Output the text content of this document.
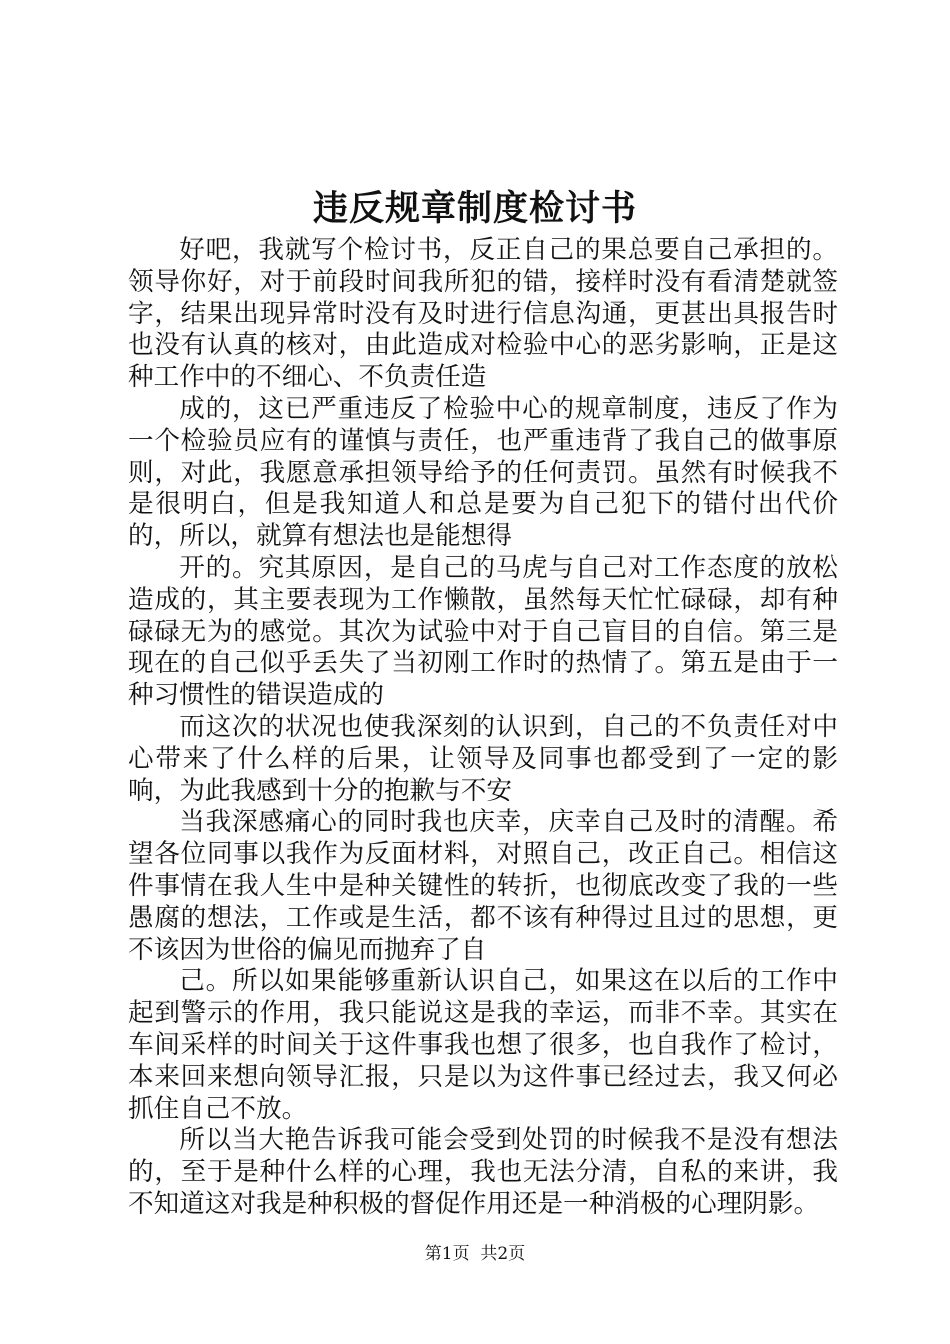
违反规章制度检讨书

好吧，我就写个检讨书，反正自己的果总要自己承担的。领导你好，对于前段时间我所犯的错，接样时没有看清楚就签字，结果出现异常时没有及时进行信息沟通，更甚出具报告时也没有认真的核对，由此造成对检验中心的恶劣影响，正是这种工作中的不细心、不负责任造

成的，这已严重违反了检验中心的规章制度，违反了作为一个检验员应有的谨慎与责任，也严重违背了我自己的做事原则，对此，我愿意承担领导给予的任何责罚。虽然有时候我不是很明白，但是我知道人和总是要为自己犯下的错付出代价的，所以，就算有想法也是能想得

开的。究其原因，是自己的马虎与自己对工作态度的放松造成的，其主要表现为工作懒散，虽然每天忙忙碌碌，却有种碌碌无为的感觉。其次为试验中对于自己盲目的自信。第三是现在的自己似乎丢失了当初刚工作时的热情了。第五是由于一种习惯性的错误造成的

而这次的状况也使我深刻的认识到，自己的不负责任对中心带来了什么样的后果，让领导及同事也都受到了一定的影响，为此我感到十分的抱歉与不安

当我深感痛心的同时我也庆幸，庆幸自己及时的清醒。希望各位同事以我作为反面材料，对照自己，改正自己。相信这件事情在我人生中是种关键性的转折，也彻底改变了我的一些愚腐的想法，工作或是生活，都不该有种得过且过的思想，更不该因为世俗的偏见而抛弃了自

己。所以如果能够重新认识自己，如果这在以后的工作中起到警示的作用，我只能说这是我的幸运，而非不幸。其实在车间采样的时间关于这件事我也想了很多，也自我作了检讨，本来回来想向领导汇报，只是以为这件事已经过去，我又何必抓住自己不放。

所以当大艳告诉我可能会受到处罚的时候我不是没有想法的，至于是种什么样的心理，我也无法分清，自私的来讲，我不知道这对我是种积极的督促作用还是一种消极的心理阴影。

第1页  共2页
